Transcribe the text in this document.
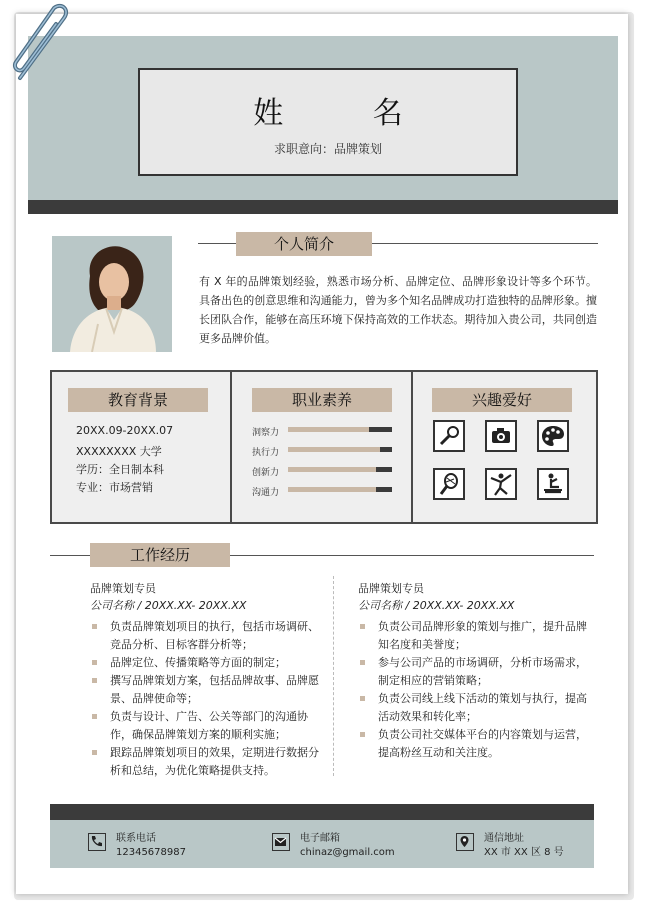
姓 名
求职意向：品牌策划
个人简介
有 X 年的品牌策划经验，熟悉市场分析、品牌定位、品牌形象设计等多个环节。具备出色的创意思维和沟通能力，曾为多个知名品牌成功打造独特的品牌形象。擅长团队合作，能够在高压环境下保持高效的工作状态。期待加入贵公司，共同创造更多品牌价值。
教育背景
20XX.09-20XX.07
XXXXXXXX 大学
学历：全日制本科
专业：市场营销
职业素养
洞察力
执行力
创新力
沟通力
兴趣爱好
工作经历
品牌策划专员
公司名称 / 20XX.XX- 20XX.XX
负责品牌策划项目的执行，包括市场调研、竞品分析、目标客群分析等；
品牌定位、传播策略等方面的制定；
撰写品牌策划方案，包括品牌故事、品牌愿景、品牌使命等；
负责与设计、广告、公关等部门的沟通协作，确保品牌策划方案的顺利实施；
跟踪品牌策划项目的效果，定期进行数据分析和总结，为优化策略提供支持。
品牌策划专员
公司名称 / 20XX.XX- 20XX.XX
负责公司品牌形象的策划与推广，提升品牌知名度和美誉度；
参与公司产品的市场调研，分析市场需求，制定相应的营销策略；
负责公司线上线下活动的策划与执行，提高活动效果和转化率；
负责公司社交媒体平台的内容策划与运营，提高粉丝互动和关注度。
联系电话
12345678987
电子邮箱
chinaz@gmail.com
通信地址
XX 市 XX 区 8 号
